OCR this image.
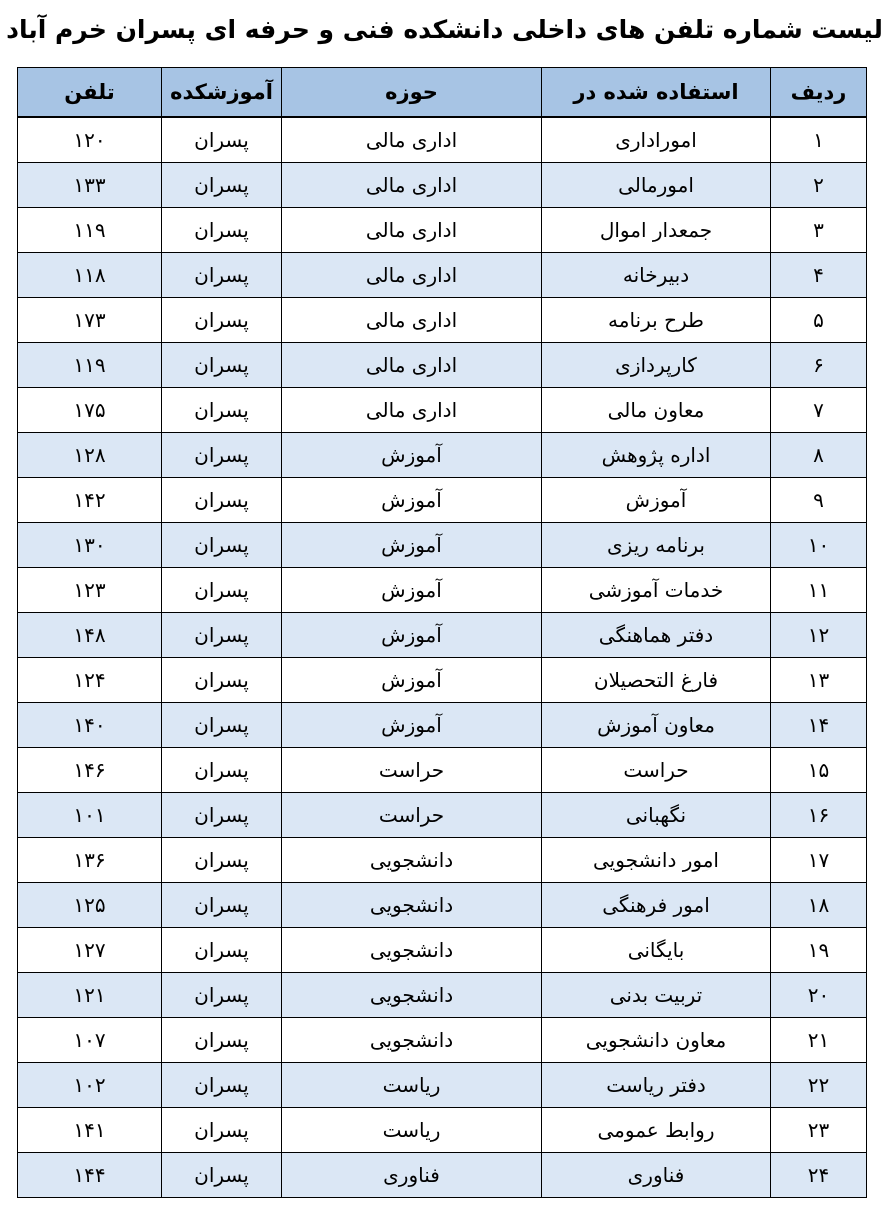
لیست شماره تلفن های داخلی دانشکده فنی و حرفه ای پسران خرم آباد
ردیف	استفاده شده در	حوزه	آموزشکده	تلفن
۱	اموراداری	اداری مالی	پسران	۱۲۰
۲	امورمالی	اداری مالی	پسران	۱۳۳
۳	جمعدار اموال	اداری مالی	پسران	۱۱۹
۴	دبیرخانه	اداری مالی	پسران	۱۱۸
۵	طرح برنامه	اداری مالی	پسران	۱۷۳
۶	کارپردازی	اداری مالی	پسران	۱۱۹
۷	معاون مالی	اداری مالی	پسران	۱۷۵
۸	اداره پژوهش	آموزش	پسران	۱۲۸
۹	آموزش	آموزش	پسران	۱۴۲
۱۰	برنامه ریزی	آموزش	پسران	۱۳۰
۱۱	خدمات آموزشی	آموزش	پسران	۱۲۳
۱۲	دفتر هماهنگی	آموزش	پسران	۱۴۸
۱۳	فارغ التحصیلان	آموزش	پسران	۱۲۴
۱۴	معاون آموزش	آموزش	پسران	۱۴۰
۱۵	حراست	حراست	پسران	۱۴۶
۱۶	نگهبانی	حراست	پسران	۱۰۱
۱۷	امور دانشجویی	دانشجویی	پسران	۱۳۶
۱۸	امور فرهنگی	دانشجویی	پسران	۱۲۵
۱۹	بایگانی	دانشجویی	پسران	۱۲۷
۲۰	تربیت بدنی	دانشجویی	پسران	۱۲۱
۲۱	معاون دانشجویی	دانشجویی	پسران	۱۰۷
۲۲	دفتر ریاست	ریاست	پسران	۱۰۲
۲۳	روابط عمومی	ریاست	پسران	۱۴۱
۲۴	فناوری	فناوری	پسران	۱۴۴
